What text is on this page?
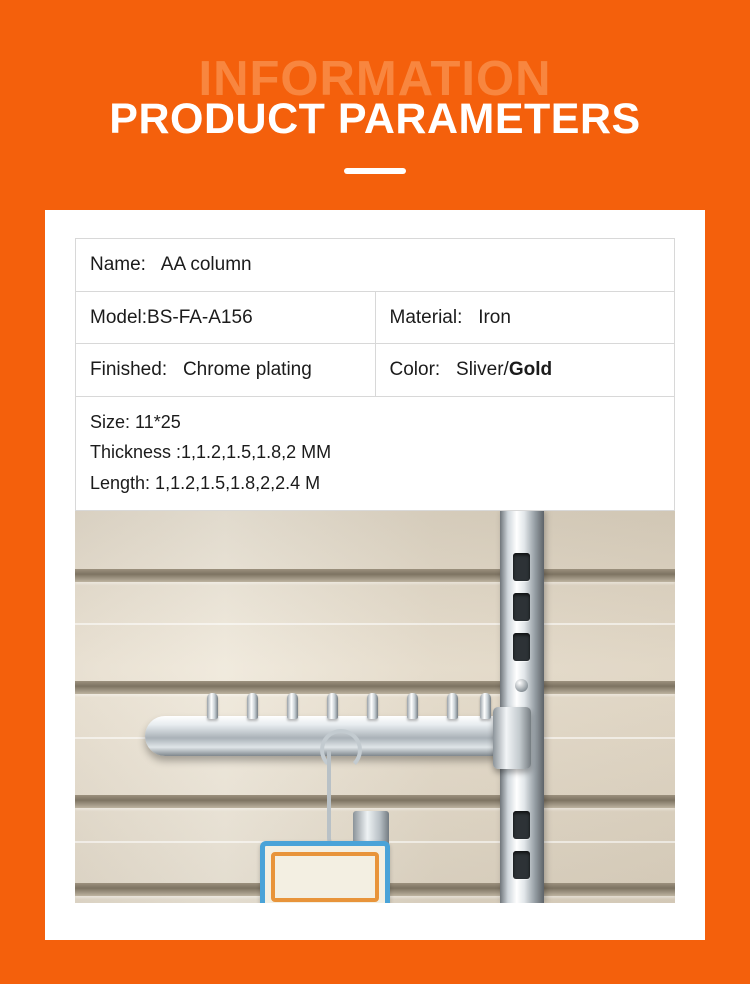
INFORMATION
PRODUCT PARAMETERS
Name: AA column	
Model:BS-FA-A156	Material: Iron
Finished: Chrome plating	Color: Sliver/Gold

Size: 11*25
Thickness :1,1.2,1.5,1.8,2 MM
Length: 1,1.2,1.5,1.8,2,2.4 M	
